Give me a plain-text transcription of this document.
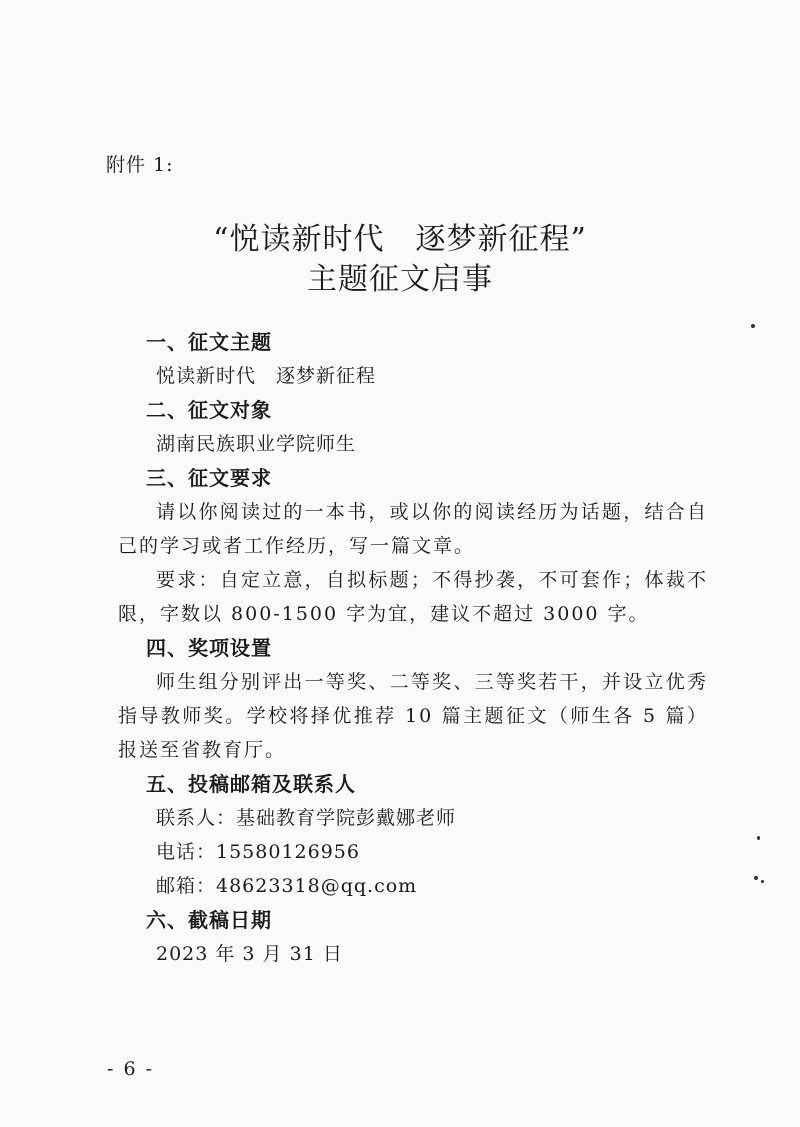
附件 1:
“悦读新时代　逐梦新征程”
主题征文启事
一、征文主题
悦读新时代　逐梦新征程
二、征文对象
湖南民族职业学院师生
三、征文要求
请以你阅读过的一本书，或以你的阅读经历为话题，结合自己的学习或者工作经历，写一篇文章。
要求：自定立意，自拟标题；不得抄袭，不可套作；体裁不限，字数以 800-1500 字为宜，建议不超过 3000 字。
四、奖项设置
师生组分别评出一等奖、二等奖、三等奖若干，并设立优秀指导教师奖。学校将择优推荐 10 篇主题征文（师生各 5 篇）报送至省教育厅。
五、投稿邮箱及联系人
联系人：基础教育学院彭戴娜老师
电话：15580126956
邮箱：48623318@qq.com
六、截稿日期
2023 年 3 月 31 日
- 6 -
